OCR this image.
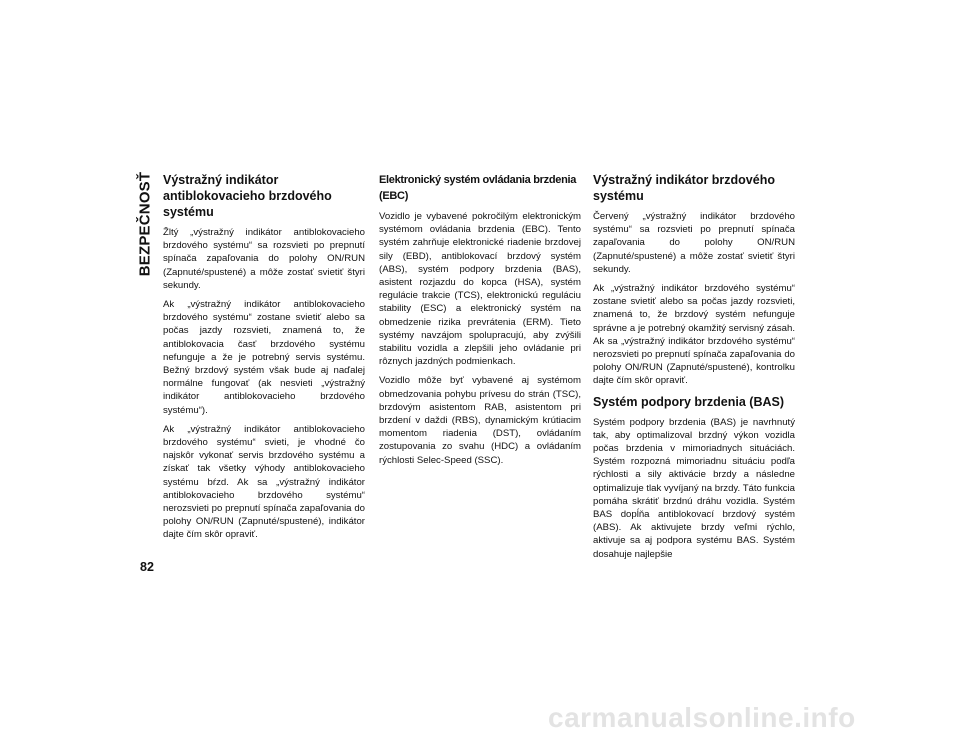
BEZPEČNOSŤ Výstražný indikátor antiblokovacieho brzdového systému

Žltý „výstražný indikátor antiblokovacieho brzdového systému“ sa rozsvieti po prepnutí spínača zapaľovania do polohy ON/RUN (Zapnuté/spustené) a môže zostať svietiť štyri sekundy.

Ak „výstražný indikátor antiblokovacieho brzdového systému“ zostane svietiť alebo sa počas jazdy rozsvieti, znamená to, že antiblokovacia časť brzdového systému nefunguje a že je potrebný servis systému. Bežný brzdový systém však bude aj naďalej normálne fungovať (ak nesvieti „výstražný indikátor antiblokovacieho brzdového systému“).

Ak „výstražný indikátor antiblokovacieho brzdového systému“ svieti, je vhodné čo najskôr vykonať servis brzdového systému a získať tak všetky výhody antiblokovacieho systému bŕzd. Ak sa „výstražný indikátor antiblokovacieho brzdového systému“ nerozsvieti po prepnutí spínača zapaľovania do polohy ON/RUN (Zapnuté/spustené), indikátor dajte čím skôr opraviť.

Elektronický systém ovládania brzdenia (EBC)

Vozidlo je vybavené pokročilým elektronickým systémom ovládania brzdenia (EBC). Tento systém zahrňuje elektronické riadenie brzdovej sily (EBD), antiblokovací brzdový systém (ABS), systém podpory brzdenia (BAS), asistent rozjazdu do kopca (HSA), systém regulácie trakcie (TCS), elektronickú reguláciu stability (ESC) a elektronický systém na obmedzenie rizika prevrátenia (ERM). Tieto systémy navzájom spolupracujú, aby zvýšili stabilitu vozidla a zlepšili jeho ovládanie pri rôznych jazdných podmienkach.

Vozidlo môže byť vybavené aj systémom obmedzovania pohybu prívesu do strán (TSC), brzdovým asistentom RAB, asistentom pri brzdení v daždi (RBS), dynamickým krútiacim momentom riadenia (DST), ovládaním zostupovania zo svahu (HDC) a ovládaním rýchlosti Selec-Speed (SSC).

Výstražný indikátor brzdového systému

Červený „výstražný indikátor brzdového systému“ sa rozsvieti po prepnutí spínača zapaľovania do polohy ON/RUN (Zapnuté/spustené) a môže zostať svietiť štyri sekundy.

Ak „výstražný indikátor brzdového systému“ zostane svietiť alebo sa počas jazdy rozsvieti, znamená to, že brzdový systém nefunguje správne a je potrebný okamžitý servisný zásah. Ak sa „výstražný indikátor brzdového systému“ nerozsvieti po prepnutí spínača zapaľovania do polohy ON/RUN (Zapnuté/spustené), kontrolku dajte čím skôr opraviť.

Systém podpory brzdenia (BAS)

Systém podpory brzdenia (BAS) je navrhnutý tak, aby optimalizoval brzdný výkon vozidla počas brzdenia v mimoriadnych situáciách. Systém rozpozná mimoriadnu situáciu podľa rýchlosti a sily aktivácie brzdy a následne optimalizuje tlak vyvíjaný na brzdy. Táto funkcia pomáha skrátiť brzdnú dráhu vozidla. Systém BAS dopĺňa antiblokovací brzdový systém (ABS). Ak aktivujete brzdy veľmi rýchlo, aktivuje sa aj podpora systému BAS. Systém dosahuje najlepšie

82
carmanualsonline.info
